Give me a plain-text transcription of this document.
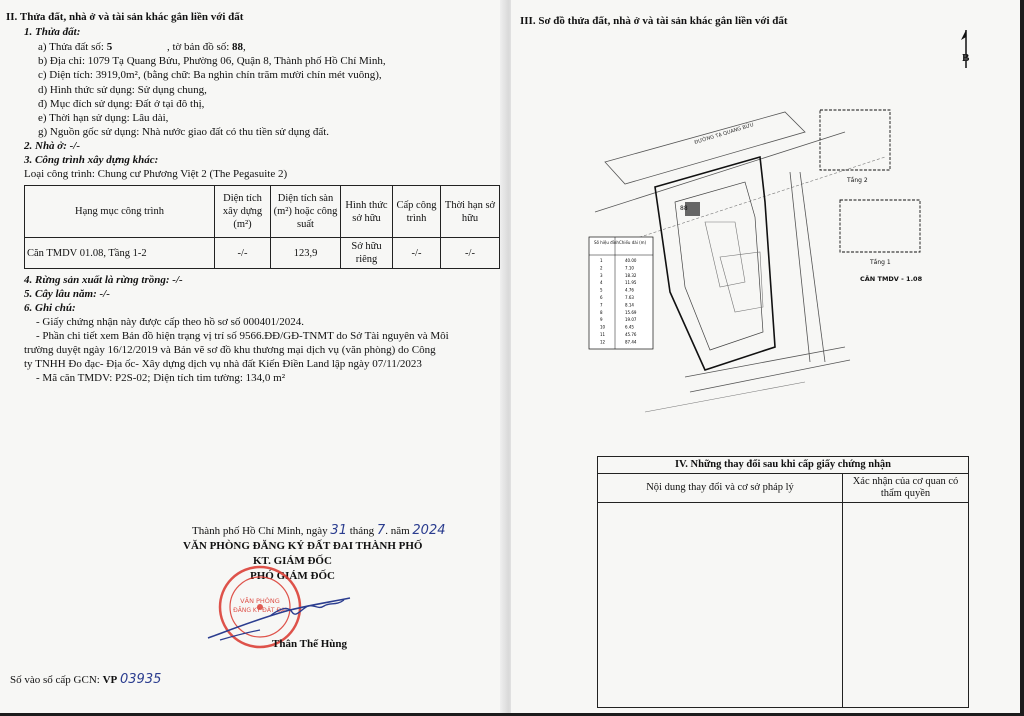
II. Thửa đất, nhà ở và tài sản khác gắn liền với đất
1. Thửa đất:
a) Thửa đất số: 5	, tờ bản đồ số: 88,
b) Địa chỉ: 1079 Tạ Quang Bửu, Phường 06, Quận 8, Thành phố Hồ Chí Minh,
c) Diện tích: 3919,0m², (bằng chữ: Ba nghìn chín trăm mười chín mét vuông),
d) Hình thức sử dụng: Sử dụng chung,
đ) Mục đích sử dụng: Đất ở tại đô thị,
e) Thời hạn sử dụng: Lâu dài,
g) Nguồn gốc sử dụng: Nhà nước giao đất có thu tiền sử dụng đất.
2. Nhà ở: -/-
3. Công trình xây dựng khác:
Loại công trình: Chung cư Phương Việt 2 (The Pegasuite 2)
Hạng mục công trình	Diện tích xây dựng (m²)	Diện tích sàn (m²) hoặc công suất	Hình thức sở hữu	Cấp công trình	Thời hạn sở hữu
Căn TMDV 01.08, Tầng 1-2	-/-	123,9	Sở hữu riêng	-/-	-/-
4. Rừng sản xuất là rừng trồng: -/-
5. Cây lâu năm: -/-
6. Ghi chú:
- Giấy chứng nhận này được cấp theo hồ sơ số 000401/2024.
- Phần chi tiết xem Bản đồ hiện trạng vị trí số 9566.ĐĐ/GĐ-TNMT do Sở Tài nguyên và Môi
trường duyệt ngày 16/12/2019 và Bản vẽ sơ đồ khu thương mại dịch vụ (văn phòng) do Công
ty TNHH Đo đạc- Địa ốc- Xây dựng dịch vụ nhà đất Kiến Điền Land lập ngày 07/11/2023
- Mã căn TMDV: P2S-02; Diện tích tim tường: 134,0 m²
Thành phố Hồ Chí Minh, ngày 31 tháng 7. năm 2024
VĂN PHÒNG ĐĂNG KÝ ĐẤT ĐAI THÀNH PHỐ
KT. GIÁM ĐỐC
PHÓ GIÁM ĐỐC
VĂN PHÒNG
ĐĂNG KÝ ĐẤT ĐAI
Thân Thế Hùng
Số vào sổ cấp GCN: VP 03935
III. Sơ đồ thửa đất, nhà ở và tài sản khác gắn liền với đất
B
ĐƯỜNG TẠ QUANG BỬU
88
Tầng 2
Tầng 1
CĂN TMDV - 1.08
Số hiệu đỉnh Chiều dài (m)
1	40.00
2	7.10
3	18.32
4	11.95
5	4.76
6	7.63
7	8.14
8	15.69
9	19.07
10	6.45
11	45.76
12	87.44
IV. Những thay đổi sau khi cấp giấy chứng nhận	
Nội dung thay đổi và cơ sở pháp lý	Xác nhận của cơ quan có thẩm quyền
